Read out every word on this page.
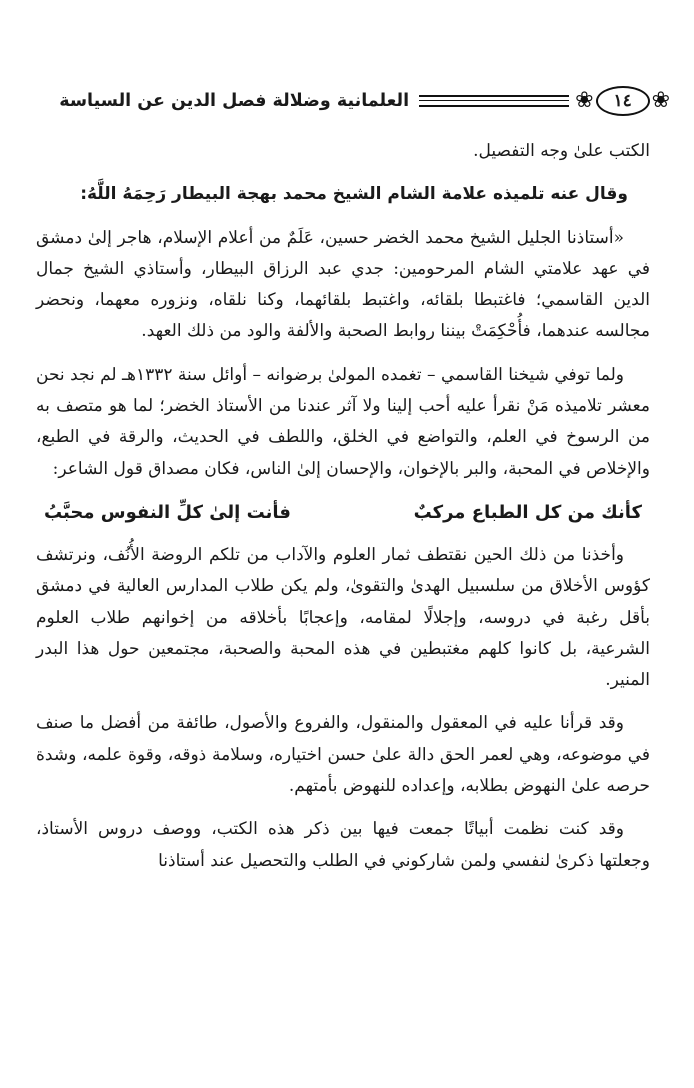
❀
١٤
❀
العلمانية وضلالة فصل الدين عن السياسة

الكتب علىٰ وجه التفصيل.

وقال عنه تلميذه علامة الشام الشيخ محمد بهجة البيطار رَحِمَهُ اللَّهُ:

«أستاذنا الجليل الشيخ محمد الخضر حسين، عَلَمٌ من أعلام الإسلام، هاجر إلىٰ دمشق في عهد علامتي الشام المرحومين: جدي عبد الرزاق البيطار، وأستاذي الشيخ جمال الدين القاسمي؛ فاغتبطا بلقائه، واغتبط بلقائهما، وكنا نلقاه، ونزوره معهما، ونحضر مجالسه عندهما، فأُحْكِمَتْ بيننا روابط الصحبة والألفة والود من ذلك العهد.

ولما توفي شيخنا القاسمي – تغمده المولىٰ برضوانه – أوائل سنة ١٣٣٢هـ لم نجد نحن معشر تلاميذه مَنْ نقرأ عليه أحب إلينا ولا آثر عندنا من الأستاذ الخضر؛ لما هو متصف به من الرسوخ في العلم، والتواضع في الخلق، واللطف في الحديث، والرقة في الطبع، والإخلاص في المحبة، والبر بالإخوان، والإحسان إلىٰ الناس، فكان مصداق قول الشاعر:

كأنك من كل الطباع مركبٌ
فأنت إلىٰ كلِّ النفوس محبَّبُ

وأخذنا من ذلك الحين نقتطف ثمار العلوم والآداب من تلكم الروضة الأُنُف، ونرتشف كؤوس الأخلاق من سلسبيل الهدىٰ والتقوىٰ، ولم يكن طلاب المدارس العالية في دمشق بأقل رغبة في دروسه، وإجلالًا لمقامه، وإعجابًا بأخلاقه من إخوانهم طلاب العلوم الشرعية، بل كانوا كلهم مغتبطين في هذه المحبة والصحبة، مجتمعين حول هذا البدر المنير.

وقد قرأنا عليه في المعقول والمنقول، والفروع والأصول، طائفة من أفضل ما صنف في موضوعه، وهي لعمر الحق دالة علىٰ حسن اختياره، وسلامة ذوقه، وقوة علمه، وشدة حرصه علىٰ النهوض بطلابه، وإعداده للنهوض بأمتهم.

وقد كنت نظمت أبياتًا جمعت فيها بين ذكر هذه الكتب، ووصف دروس الأستاذ، وجعلتها ذكرىٰ لنفسي ولمن شاركوني في الطلب والتحصيل عند أستاذنا
